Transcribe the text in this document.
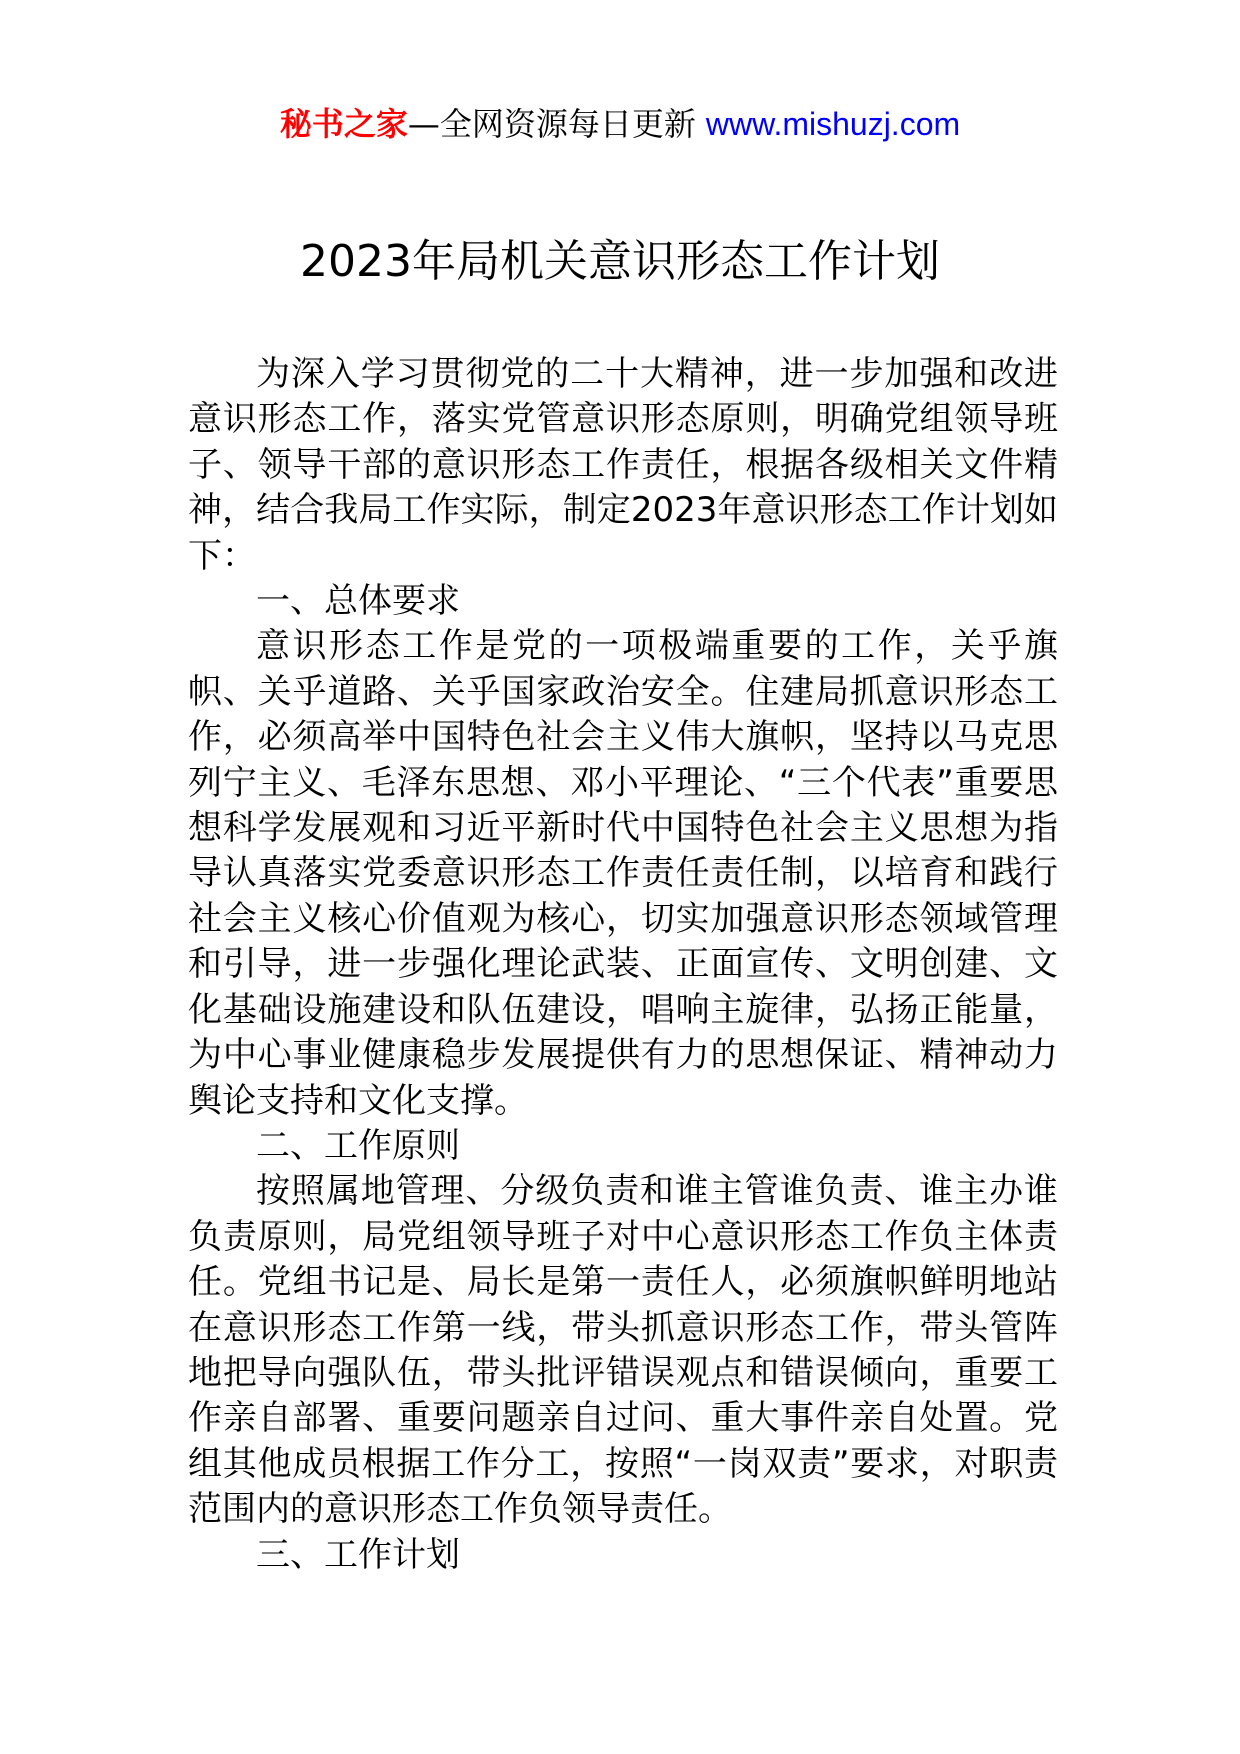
秘书之家—全网资源每日更新 www.mishuzj.com
2023年局机关意识形态工作计划

为深入学习贯彻党的二十大精神，进一步加强和改进意识形态工作，落实党管意识形态原则，明确党组领导班子、领导干部的意识形态工作责任，根据各级相关文件精神，结合我局工作实际，制定2023年意识形态工作计划如下：

一、总体要求

意识形态工作是党的一项极端重要的工作，关乎旗帜、关乎道路、关乎国家政治安全。住建局抓意识形态工作，必须高举中国特色社会主义伟大旗帜，坚持以马克思列宁主义、毛泽东思想、邓小平理论、“三个代表”重要思想科学发展观和习近平新时代中国特色社会主义思想为指导认真落实党委意识形态工作责任责任制，以培育和践行社会主义核心价值观为核心，切实加强意识形态领域管理和引导，进一步强化理论武装、正面宣传、文明创建、文化基础设施建设和队伍建设，唱响主旋律，弘扬正能量，为中心事业健康稳步发展提供有力的思想保证、精神动力舆论支持和文化支撑。

二、工作原则

按照属地管理、分级负责和谁主管谁负责、谁主办谁负责原则，局党组领导班子对中心意识形态工作负主体责任。党组书记是、局长是第一责任人，必须旗帜鲜明地站在意识形态工作第一线，带头抓意识形态工作，带头管阵地把导向强队伍，带头批评错误观点和错误倾向，重要工作亲自部署、重要问题亲自过问、重大事件亲自处置。党组其他成员根据工作分工，按照“一岗双责”要求，对职责范围内的意识形态工作负领导责任。

三、工作计划
